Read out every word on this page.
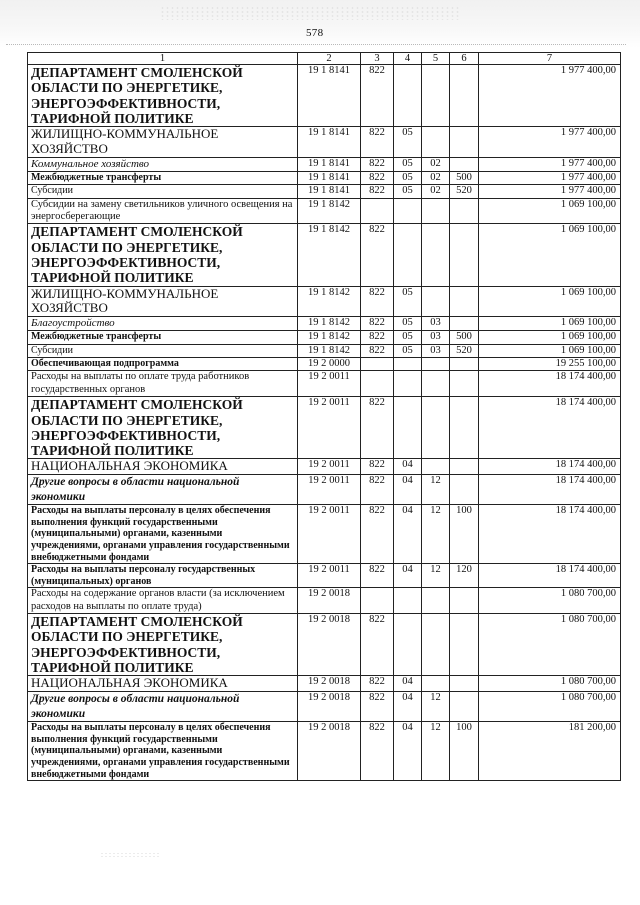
578
1	2	3	4	5	6	7
ДЕПАРТАМЕНТ СМОЛЕНСКОЙ ОБЛАСТИ ПО ЭНЕРГЕТИКЕ, ЭНЕРГОЭФФЕКТИВНОСТИ, ТАРИФНОЙ ПОЛИТИКЕ	19 1 8141	822				1 977 400,00
ЖИЛИЩНО-КОММУНАЛЬНОЕ ХОЗЯЙСТВО	19 1 8141	822	05			1 977 400,00
Коммунальное хозяйство	19 1 8141	822	05	02		1 977 400,00
Межбюджетные трансферты	19 1 8141	822	05	02	500	1 977 400,00
Субсидии	19 1 8141	822	05	02	520	1 977 400,00
Субсидии на замену светильников уличного освещения на энергосберегающие	19 1 8142					1 069 100,00
ДЕПАРТАМЕНТ СМОЛЕНСКОЙ ОБЛАСТИ ПО ЭНЕРГЕТИКЕ, ЭНЕРГОЭФФЕКТИВНОСТИ, ТАРИФНОЙ ПОЛИТИКЕ	19 1 8142	822				1 069 100,00
ЖИЛИЩНО-КОММУНАЛЬНОЕ ХОЗЯЙСТВО	19 1 8142	822	05			1 069 100,00
Благоустройство	19 1 8142	822	05	03		1 069 100,00
Межбюджетные трансферты	19 1 8142	822	05	03	500	1 069 100,00
Субсидии	19 1 8142	822	05	03	520	1 069 100,00
Обеспечивающая подпрограмма	19 2 0000					19 255 100,00
Расходы на выплаты по оплате труда работников государственных органов	19 2 0011					18 174 400,00
ДЕПАРТАМЕНТ СМОЛЕНСКОЙ ОБЛАСТИ ПО ЭНЕРГЕТИКЕ, ЭНЕРГОЭФФЕКТИВНОСТИ, ТАРИФНОЙ ПОЛИТИКЕ	19 2 0011	822				18 174 400,00
НАЦИОНАЛЬНАЯ ЭКОНОМИКА	19 2 0011	822	04			18 174 400,00
Другие вопросы в области национальной экономики	19 2 0011	822	04	12		18 174 400,00
Расходы на выплаты персоналу в целях обеспечения выполнения функций государственными (муниципальными) органами, казенными учреждениями, органами управления государственными внебюджетными фондами	19 2 0011	822	04	12	100	18 174 400,00
Расходы на выплаты персоналу государственных (муниципальных) органов	19 2 0011	822	04	12	120	18 174 400,00
Расходы на содержание органов власти (за исключением расходов на выплаты по оплате труда)	19 2 0018					1 080 700,00
ДЕПАРТАМЕНТ СМОЛЕНСКОЙ ОБЛАСТИ ПО ЭНЕРГЕТИКЕ, ЭНЕРГОЭФФЕКТИВНОСТИ, ТАРИФНОЙ ПОЛИТИКЕ	19 2 0018	822				1 080 700,00
НАЦИОНАЛЬНАЯ ЭКОНОМИКА	19 2 0018	822	04			1 080 700,00
Другие вопросы в области национальной экономики	19 2 0018	822	04	12		1 080 700,00
Расходы на выплаты персоналу в целях обеспечения выполнения функций государственными (муниципальными) органами, казенными учреждениями, органами управления государственными внебюджетными фондами	19 2 0018	822	04	12	100	181 200,00
